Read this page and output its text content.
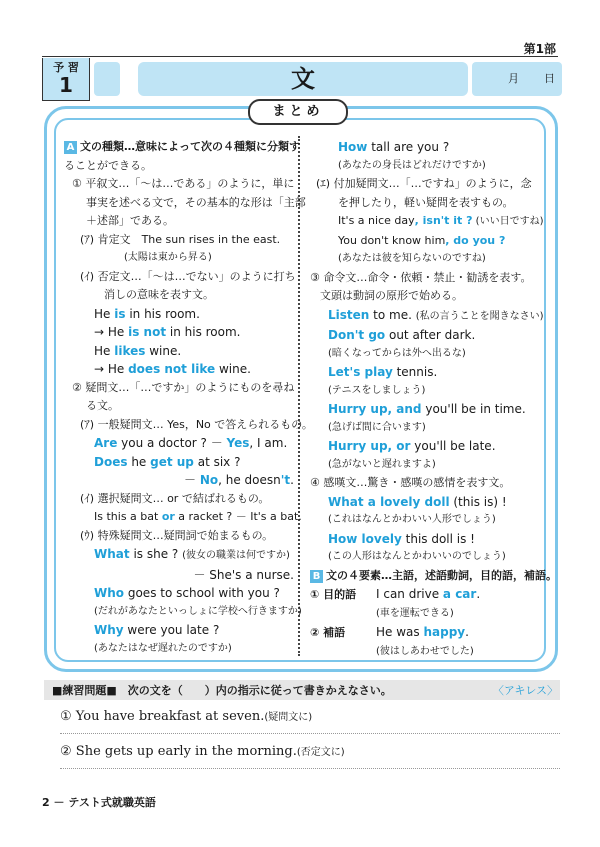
第1部
予 習
1	文	月 日
まとめ
A 文の種類…意味によって次の４種類に分類す
ることができる。
① 平叙文…「～は…である」のように，単に
事実を述べる文で，その基本的な形は「主部
＋述部」である。
(ｱ) 肯定文　The sun rises in the east.
(太陽は東から昇る)
(ｲ) 否定文…「～は…でない」のように打ち
消しの意味を表す文。
He is in his room.
→ He is not in his room.
He likes wine.
→ He does not like wine.
② 疑問文…「…ですか」のようにものを尋ね
る文。
(ｱ) 一般疑問文… Yes，No で答えられるもの。
Are you a doctor ? － Yes, I am.
Does he get up at six ?
－ No, he doesn't.
(ｲ) 選択疑問文… or で結ばれるもの。
Is this a bat or a racket ? － It's a bat.
(ｳ) 特殊疑問文…疑問詞で始まるもの。
What is she ? (彼女の職業は何ですか)
－ She's a nurse.
Who goes to school with you ?
(だれがあなたといっしょに学校へ行きますか)
Why were you late ?
(あなたはなぜ遅れたのですか)
How tall are you ?
(あなたの身長はどれだけですか)
(ｴ) 付加疑問文…「…ですね」のように，念
を押したり，軽い疑問を表すもの。
It's a nice day, isn't it ? (いい日ですね)
You don't know him, do you ?
(あなたは彼を知らないのですね)
③ 命令文…命令・依頼・禁止・勧誘を表す。
文頭は動詞の原形で始める。
Listen to me. (私の言うことを聞きなさい)
Don't go out after dark.
(暗くなってからは外へ出るな)
Let's play tennis.
(テニスをしましょう)
Hurry up, and you'll be in time.
(急げば間に合います)
Hurry up, or you'll be late.
(急がないと遅れますよ)
④ 感嘆文…驚き・感嘆の感情を表す文。
What a lovely doll (this is) !
(これはなんとかわいい人形でしょう)
How lovely this doll is !
(この人形はなんとかわいいのでしょう)
B 文の４要素…主語，述語動詞，目的語，補語。
① 目的語 I can drive a car.
(車を運転できる)
② 補語	He was happy.
(彼はしあわせでした)
■練習問題■　次の文を（　　）内の指示に従って書きかえなさい。	〈アキレス〉
① You have breakfast at seven.(疑問文に)
② She gets up early in the morning.(否定文に)
2 － テスト式就職英語
